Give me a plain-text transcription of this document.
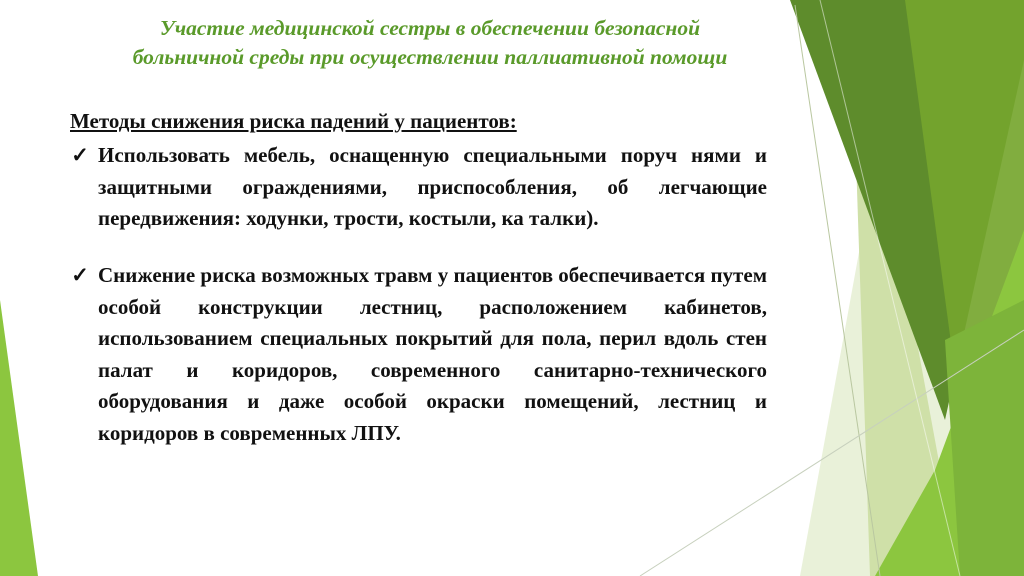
Участие медицинской сестры в обеспечении безопасной
больничной среды при осуществлении паллиативной помощи
Методы снижения риска падений у пациентов:
✓ Использовать мебель, оснащенную специальными поруч нями и защитными ограждениями, приспособления, об легчающие передвижения: ходунки, трости, костыли, ка талки).
✓ Снижение риска возможных травм у пациентов обеспечивается путем особой конструкции лестниц, расположением кабинетов, использованием специальных покрытий для пола, перил вдоль стен палат и коридоров, современного санитарно-технического оборудования и даже особой окраски помещений, лестниц и коридоров в современных ЛПУ.
